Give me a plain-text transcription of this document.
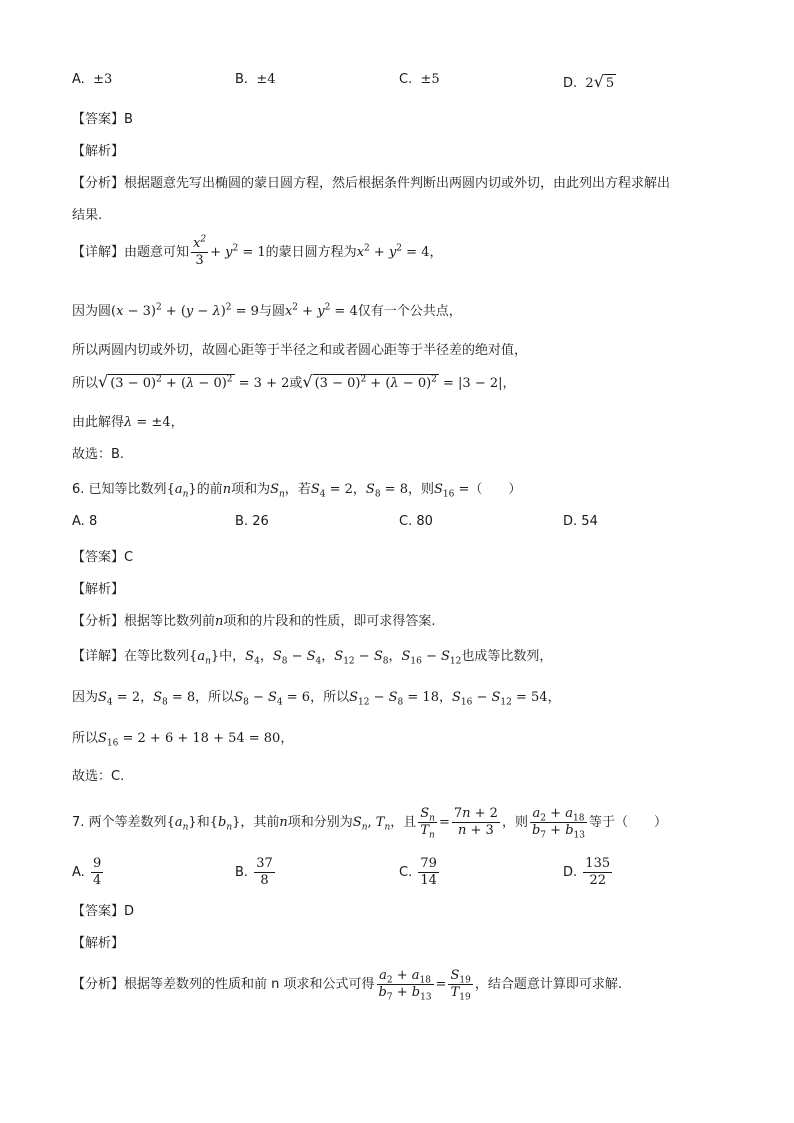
A. ±3	B. ±4	C. ±5	D. 2√ 5
【答案】B
【解析】
【分析】根据题意先写出椭圆的蒙日圆方程，然后根据条件判断出两圆内切或外切，由此列出方程求解出
结果.
【详解】由题意可知 $\frac{x^2}{3} + y^2 = 1$的蒙日圆方程为$x^2 + y^2 = 4$，
因为圆$(x - 3)^2 + (y - \lambda)^2 = 9$与圆$x^2 + y^2 = 4$仅有一个公共点，
所以两圆内切或外切，故圆心距等于半径之和或者圆心距等于半径差的绝对值，
所以√ $(3 - 0)^2 + (\lambda - 0)^2 = 3 + 2$或√ $(3 - 0)^2 + (\lambda - 0)^2 = |3 - 2|$，
由此解得λ = ±4，
故选：B.
6. 已知等比数列$\{a_n\}$的前n项和为$S_n$，若$S_4 = 2$，$S_8 = 8$，则$S_{16}$ =（　　）
A. 8	B. 26	C. 80	D. 54
【答案】C
【解析】
【分析】根据等比数列前n项和的片段和的性质，即可求得答案.
【详解】在等比数列$\{a_n\}$中，$S_4$，$S_8 - S_4$，$S_{12} - S_8$，$S_{16} - S_{12}$也成等比数列，
因为$S_4 = 2$，$S_8 = 8$，所以$S_8 - S_4 = 6$，所以$S_{12} - S_8 = 18$，$S_{16} - S_{12} = 54$，
所以$S_{16} = 2 + 6 + 18 + 54 = 80$，
故选：C.
7. 两个等差数列$\{a_n\}$和$\{b_n\}$，其前n项和分别为$S_n$, $T_n$，且 $\frac{S_n}{T_n} = \frac{7n + 2}{n + 3}$ ，则 $\frac{a_2 + a_{18}}{b_7 + b_{13}}$ 等于（　　）
A. $\frac{9}{4}$	B. $\frac{37}{8}$	C. $\frac{79}{14}$	D. $\frac{135}{22}$
【答案】D
【解析】
【分析】根据等差数列的性质和前 n 项求和公式可得 $\frac{a_2 + a_{18}}{b_7 + b_{13}} = \frac{S_{19}}{T_{19}}$ ，结合题意计算即可求解.
